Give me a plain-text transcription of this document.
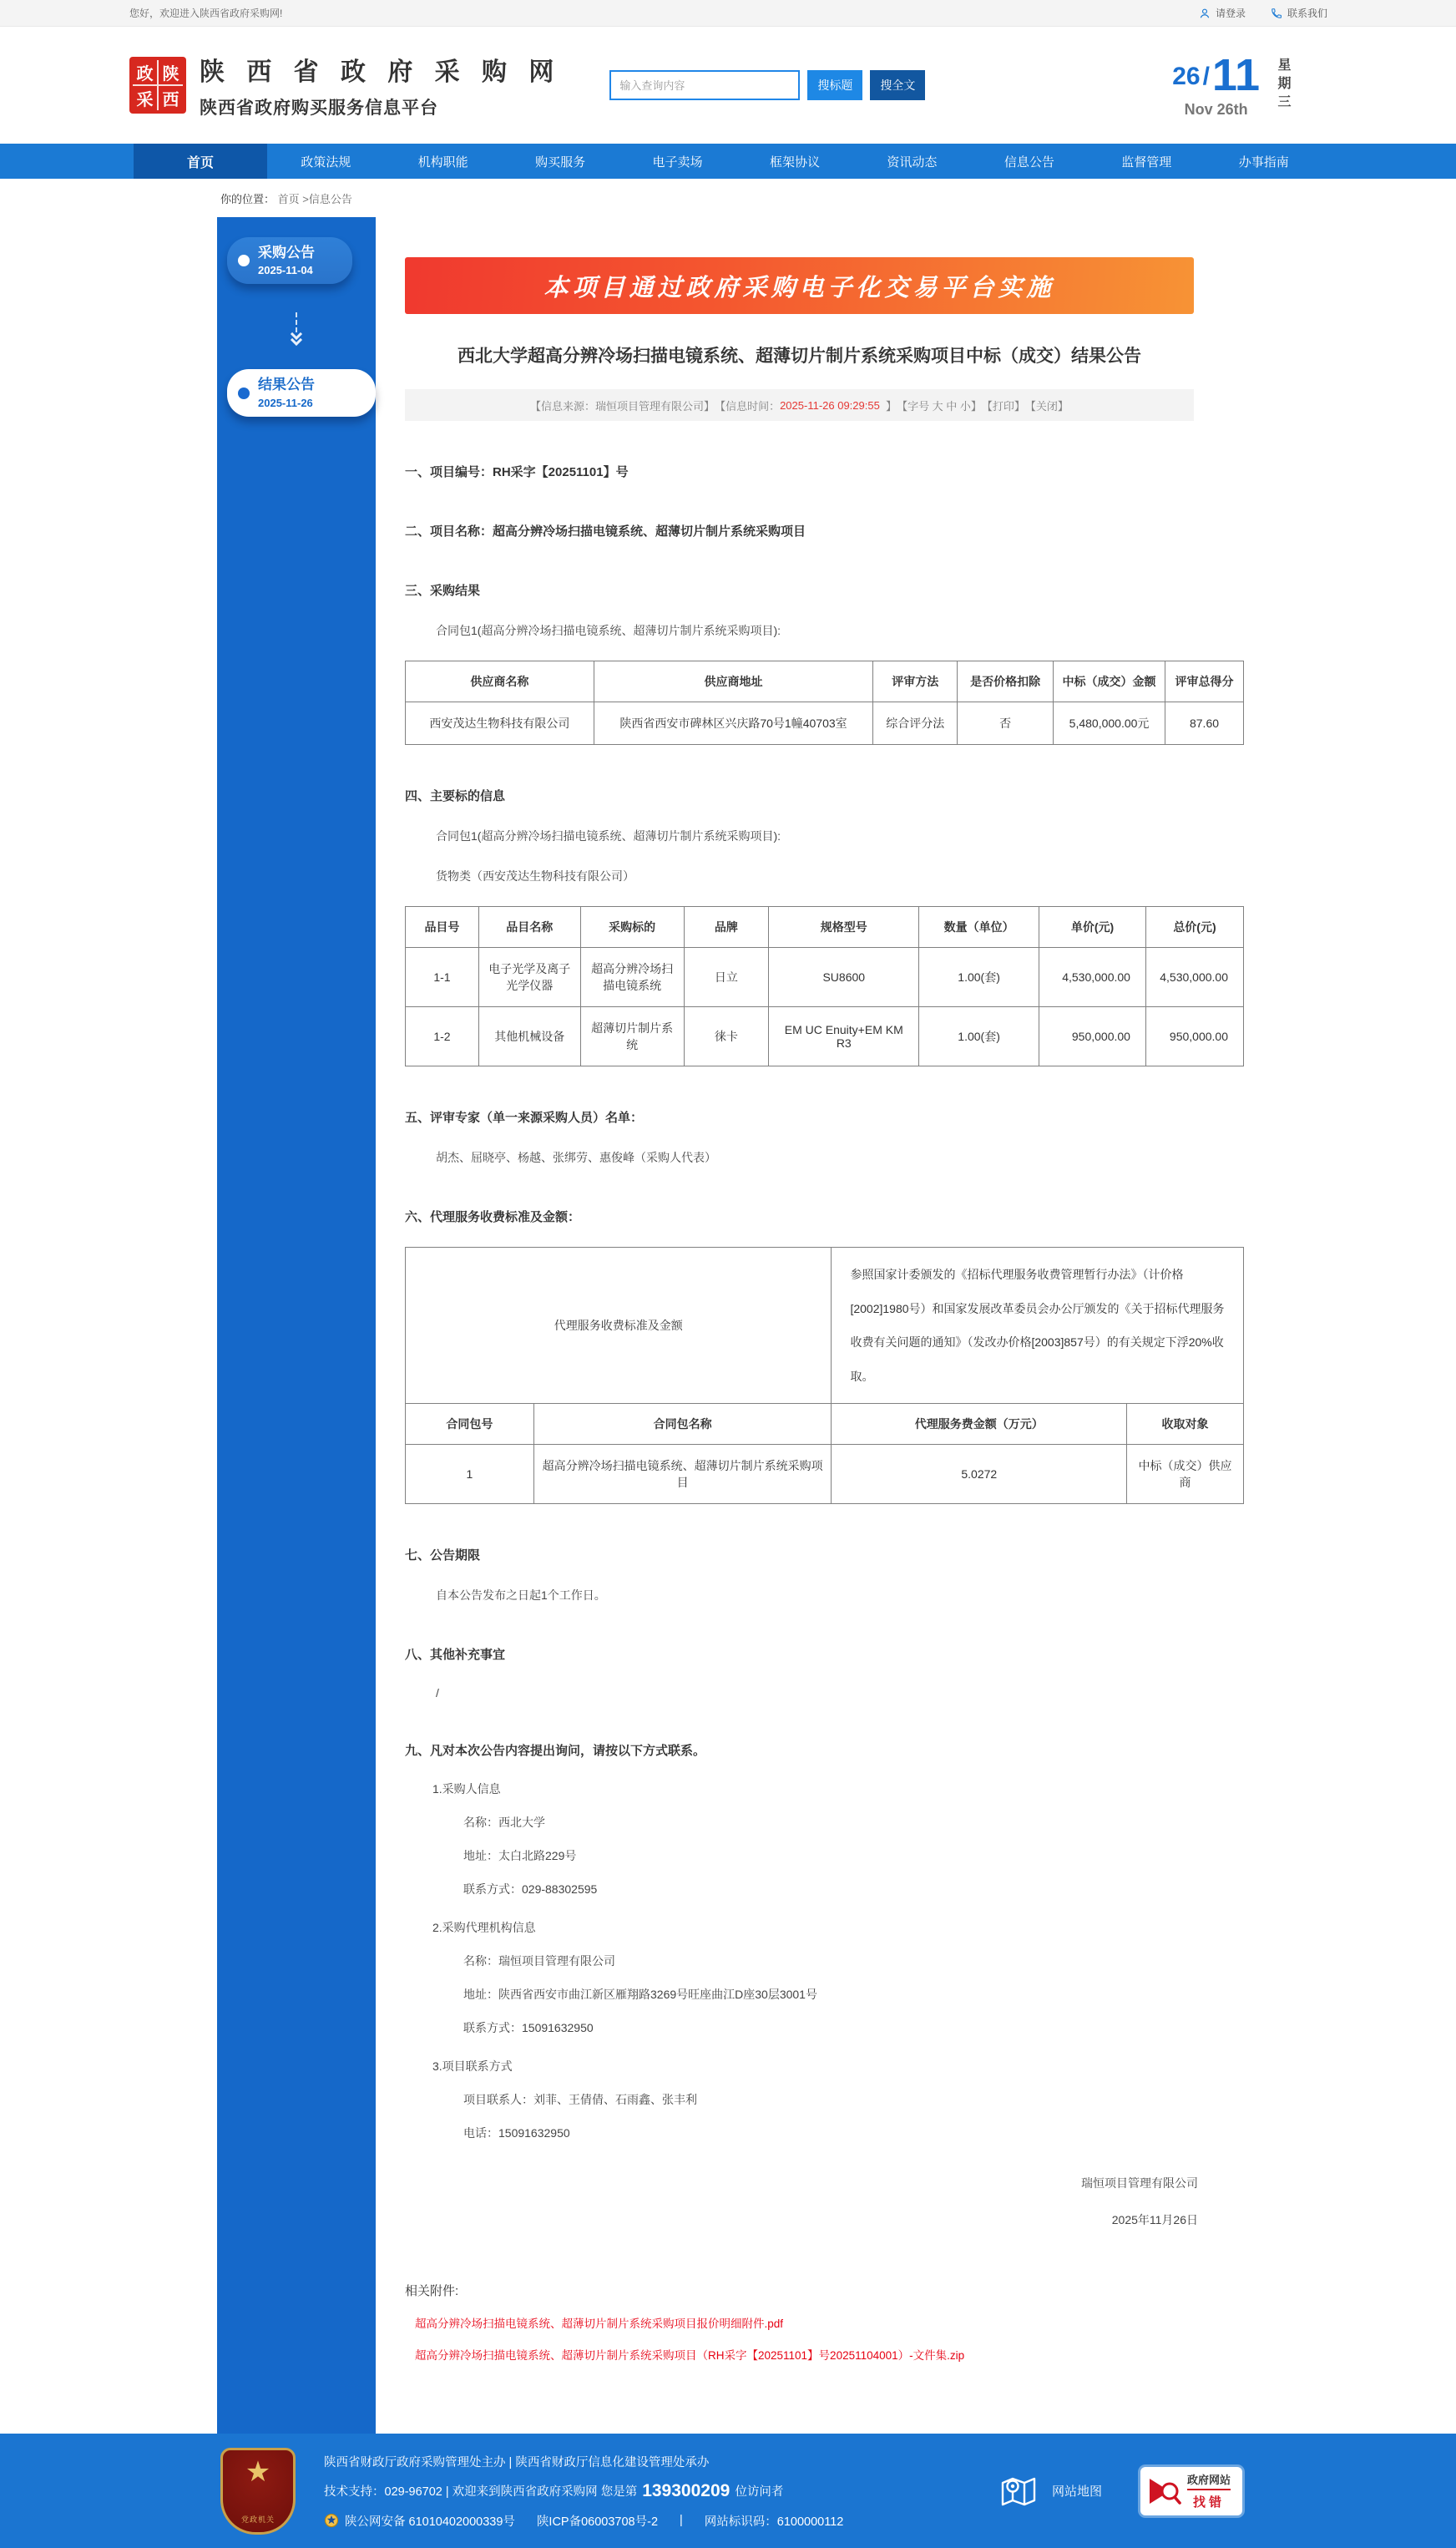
您好，欢迎进入陕西省政府采购网!	请登录	联系我们
政 陕
采 西
陕 西 省 政 府 采 购 网
陕西省政府购买服务信息平台
输入查询内容
搜标题	搜全文	26 / 11
Nov 26th	星期三
首页	政策法规	机构职能	购买服务	电子卖场	框架协议	资讯动态	信息公告	监督管理	办事指南
你的位置： 首页 >信息公告
采购公告
2025-11-04
结果公告
2025-11-26
本项目通过政府采购电子化交易平台实施
西北大学超高分辨冷场扫描电镜系统、超薄切片制片系统采购项目中标（成交）结果公告
【信息来源：瑞恒项目管理有限公司】 【信息时间： 2025-11-26 09:29:55 】 【字号 大 中 小】 【打印】 【关闭】
一、项目编号：RH采字【20251101】号
二、项目名称：超高分辨冷场扫描电镜系统、超薄切片制片系统采购项目
三、采购结果

合同包1(超高分辨冷场扫描电镜系统、超薄切片制片系统采购项目):

供应商名称	供应商地址	评审方法	是否价格扣除	中标（成交）金额	评审总得分
西安茂达生物科技有限公司	陕西省西安市碑林区兴庆路70号1幢40703室	综合评分法	否	5,480,000.00元	87.60
四、主要标的信息

合同包1(超高分辨冷场扫描电镜系统、超薄切片制片系统采购项目):

货物类（西安茂达生物科技有限公司）

品目号	品目名称	采购标的	品牌	规格型号	数量（单位）	单价(元)	总价(元)
1-1	电子光学及离子光学仪器	超高分辨冷场扫描电镜系统	日立	SU8600	1.00(套)	4,530,000.00	4,530,000.00
1-2	其他机械设备	超薄切片制片系统	徕卡	EM UC Enuity+EM KM R3	1.00(套)	950,000.00	950,000.00
五、评审专家（单一来源采购人员）名单：

胡杰、屈晓亭、杨越、张绑劳、惠俊峰（采购人代表）

六、代理服务收费标准及金额：
代理服务收费标准及金额		参照国家计委颁发的《招标代理服务收费管理暂行办法》（计价格[2002]1980号）和国家发展改革委员会办公厅颁发的《关于招标代理服务收费有关问题的通知》（发改办价格[2003]857号）的有关规定下浮20%收取。	
合同包号	合同包名称	代理服务费金额（万元）	收取对象
1	超高分辨冷场扫描电镜系统、超薄切片制片系统采购项目	5.0272	中标（成交）供应商
七、公告期限

自本公告发布之日起1个工作日。

八、其他补充事宜

/

九、凡对本次公告内容提出询问，请按以下方式联系。
1.采购人信息
名称：西北大学
地址：太白北路229号
联系方式：029-88302595
2.采购代理机构信息
名称：瑞恒项目管理有限公司
地址：陕西省西安市曲江新区雁翔路3269号旺座曲江D座30层3001号
联系方式：15091632950
3.项目联系方式
项目联系人：刘菲、王倩倩、石雨鑫、张丰利
电话：15091632950
瑞恒项目管理有限公司
2025年11月26日
相关附件:
超高分辨冷场扫描电镜系统、超薄切片制片系统采购项目报价明细附件.pdf
超高分辨冷场扫描电镜系统、超薄切片制片系统采购项目（RH采字【20251101】号20251104001）-文件集.zip
★
党政机关
陕西省财政厅政府采购管理处主办 | 陕西省财政厅信息化建设管理处承办
技术支持：029-96702 | 欢迎来到陕西省政府采购网 您是第 139300209 位访问者
陕公网安备 61010402000339号 陕ICP备06003708号-2 | 网站标识码：6100000112
网站地图
政府网站
找错
